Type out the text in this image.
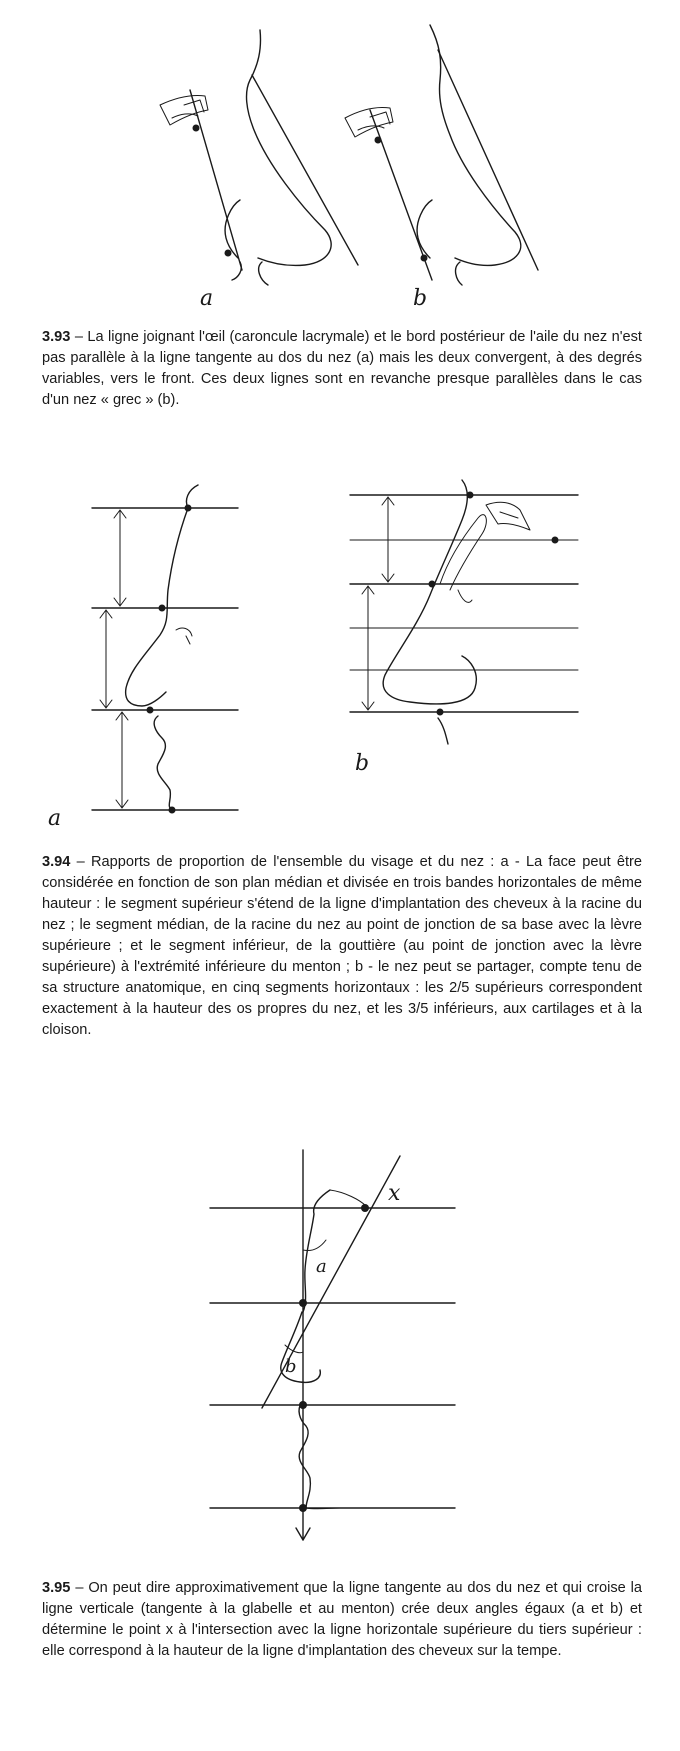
a	b
3.93 – La ligne joignant l'œil (caroncule lacrymale) et le bord postérieur de l'aile du nez n'est pas parallèle à la ligne tangente au dos du nez (a) mais les deux convergent, à des degrés variables, vers le front. Ces deux lignes sont en revanche presque parallèles dans le cas d'un nez « grec » (b).
a
b
3.94 – Rapports de proportion de l'ensemble du visage et du nez : a - La face peut être considérée en fonction de son plan médian et divisée en trois bandes horizontales de même hauteur : le segment supérieur s'étend de la ligne d'implantation des cheveux à la racine du nez ; le segment médian, de la racine du nez au point de jonction de sa base avec la lèvre supérieure ; et le segment inférieur, de la gouttière (au point de jonction avec la lèvre supérieure) à l'extrémité inférieure du menton ; b - le nez peut se partager, compte tenu de sa structure anatomique, en cinq segments horizontaux : les 2/5 supérieurs correspondent exactement à la hauteur des os propres du nez, et les 3/5 inférieurs, aux cartilages et à la cloison.
x
a
b
3.95 – On peut dire approximativement que la ligne tangente au dos du nez et qui croise la ligne verticale (tangente à la glabelle et au menton) crée deux angles égaux (a et b) et détermine le point x à l'intersection avec la ligne horizontale supérieure du tiers supérieur : elle correspond à la hauteur de la ligne d'implantation des cheveux sur la tempe.
